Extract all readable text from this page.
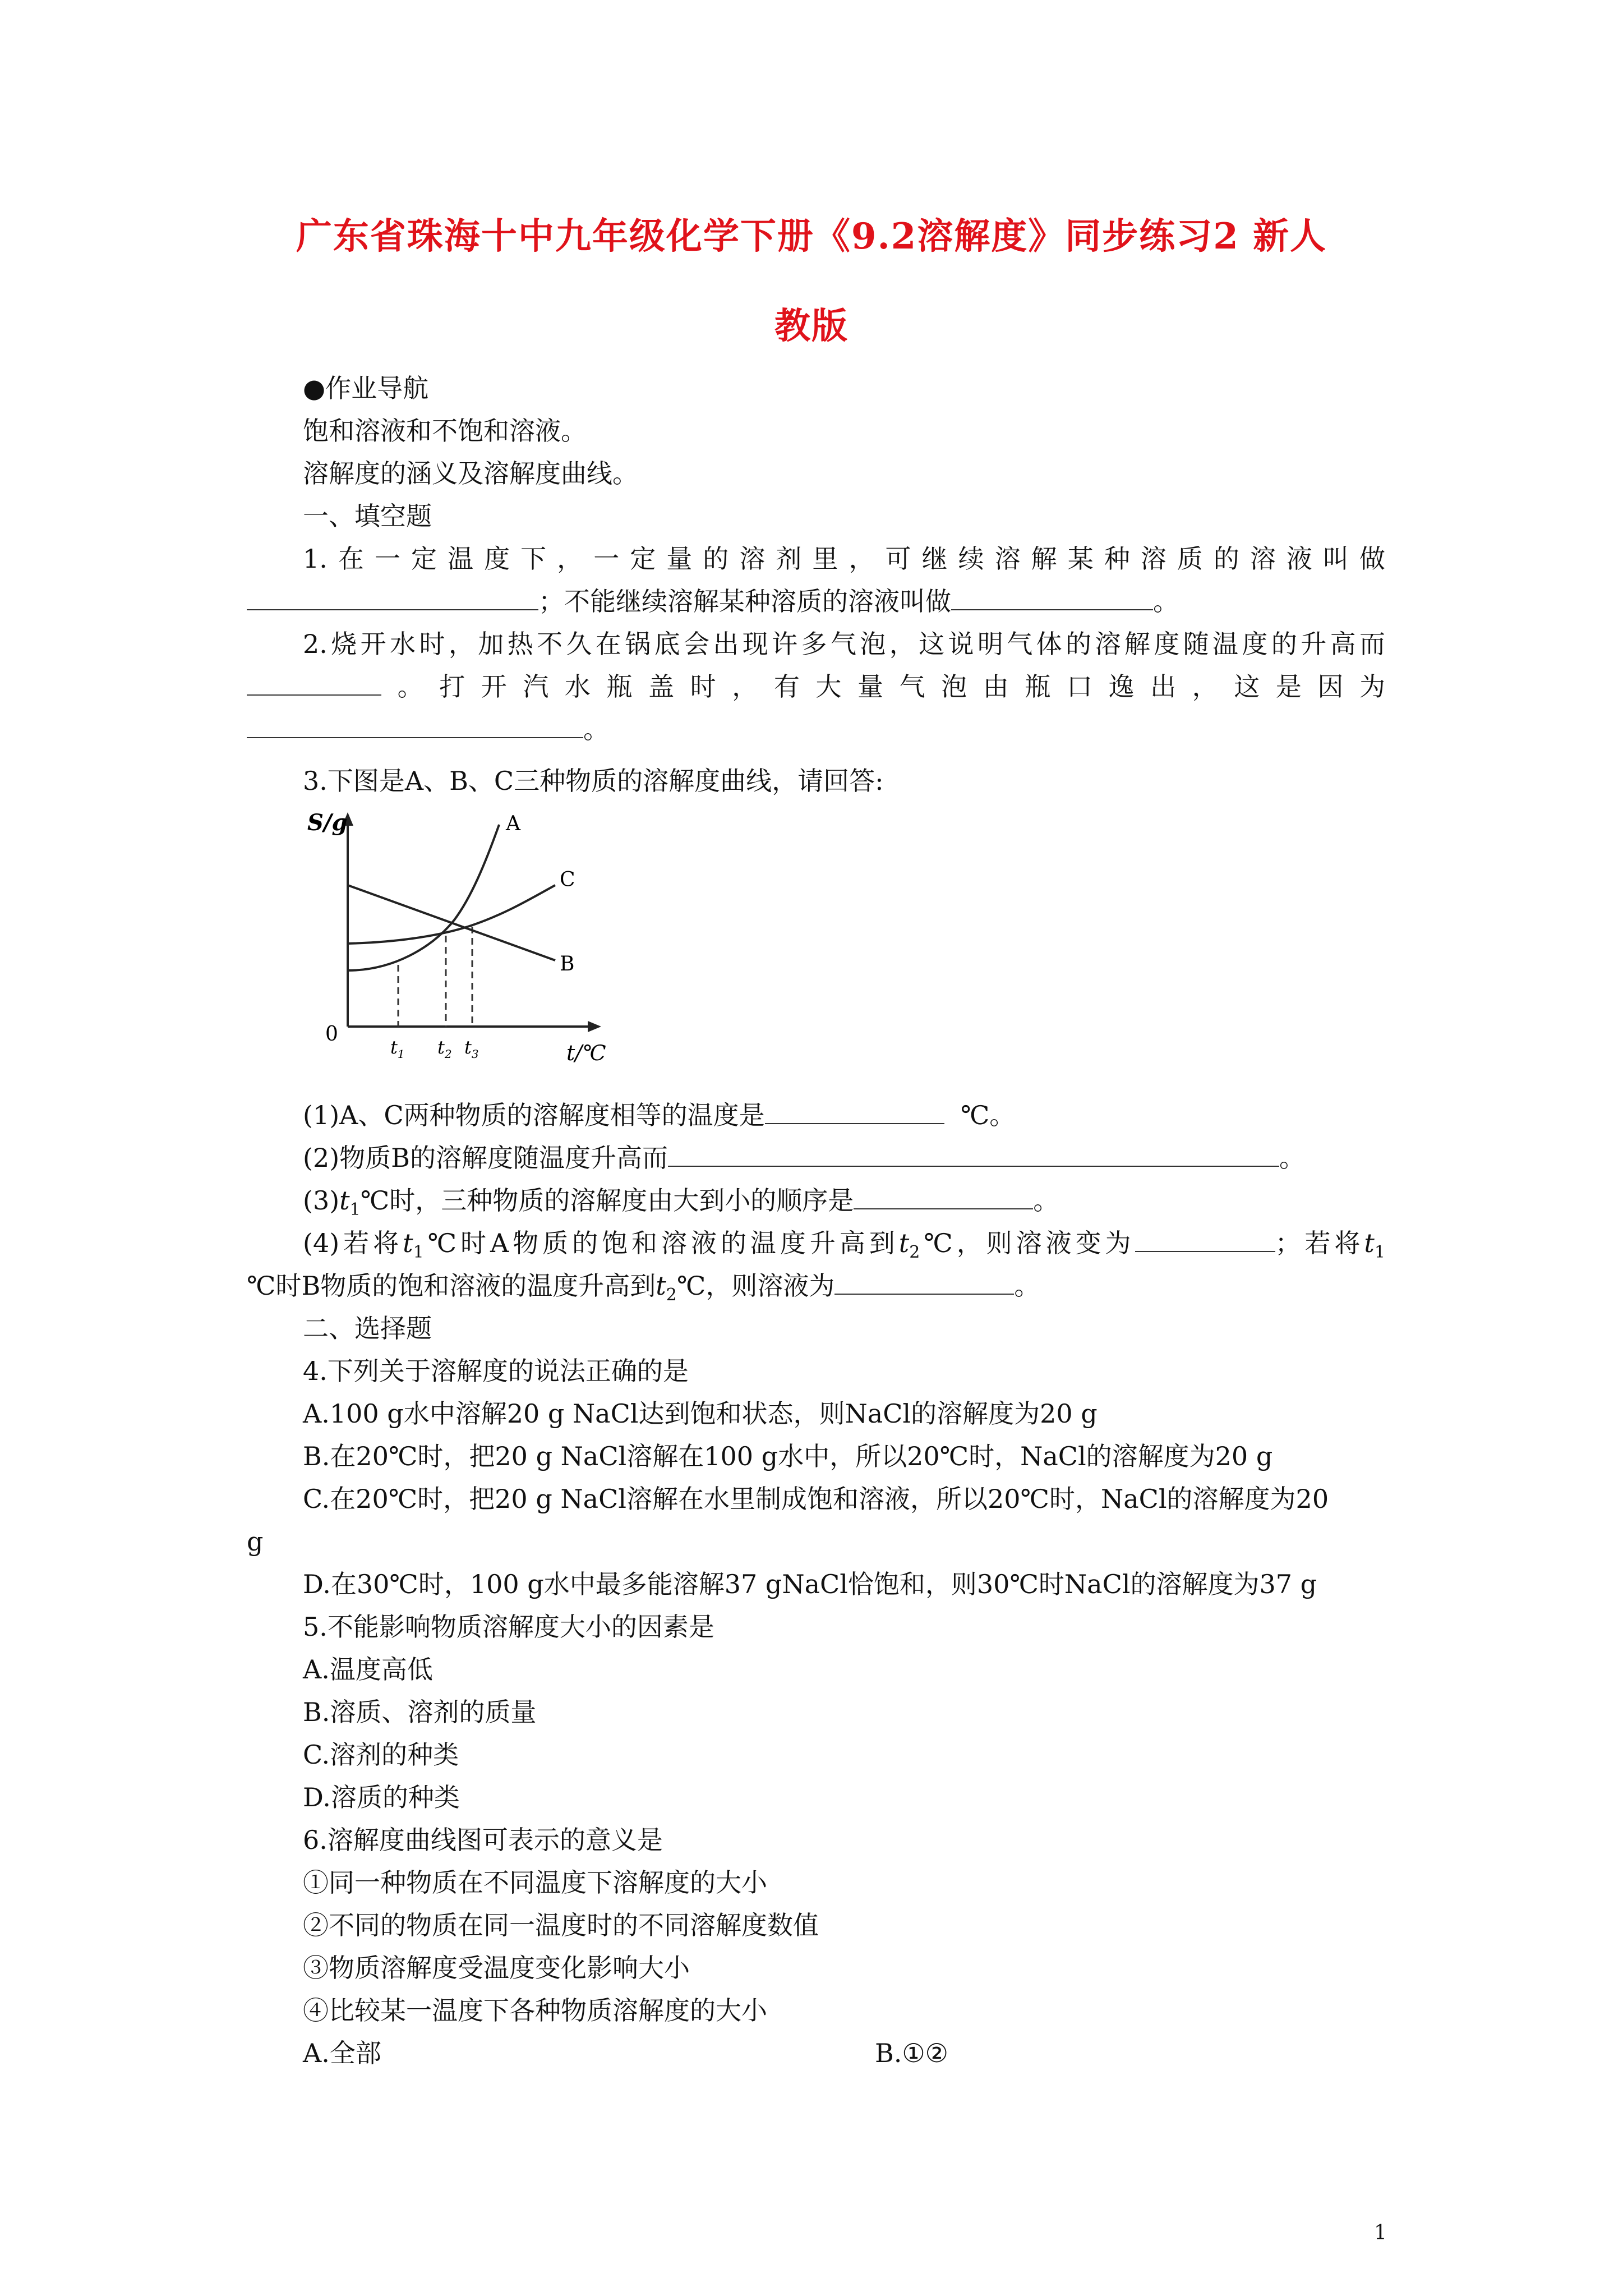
广东省珠海十中九年级化学下册《9.2溶解度》同步练习2 新人
教版
●作业导航
饱和溶液和不饱和溶液。
溶解度的涵义及溶解度曲线。
一、填空题
1.在一定温度下，一定量的溶剂里，可继续溶解某种溶质的溶液叫做
；不能继续溶解某种溶质的溶液叫做	。
2.烧开水时，加热不久在锅底会出现许多气泡，这说明气体的溶解度随温度的升高而
。打开汽水瓶盖时，有大量气泡由瓶口逸出，这是因为
。
3.下图是A、B、C三种物质的溶解度曲线，请回答:
S/g
t/℃
0
A
C
B
$t_1$ $t_2$ $t_3$
(1)A、C两种物质的溶解度相等的温度是	℃。
(2)物质B的溶解度随温度升高而	。
$(3)t_1℃$时，三种物质的溶解度由大到小的顺序是	。
(4)若将$t_1℃$时A物质的饱和溶液的温度升高到$t_2℃$，则溶液变为	；若将$t_1$
℃时B物质的饱和溶液的温度升高到$t_2℃$，则溶液为	。
二、选择题
4.下列关于溶解度的说法正确的是
A.100 g水中溶解20 g NaCl达到饱和状态，则NaCl的溶解度为20 g
B.在20℃时，把20 g NaCl溶解在100 g水中，所以20℃时，NaCl的溶解度为20 g
C.在20℃时，把20 g NaCl溶解在水里制成饱和溶液，所以20℃时，NaCl的溶解度为20
g
D.在30℃时，100 g水中最多能溶解37 gNaCl恰饱和，则30℃时NaCl的溶解度为37 g
5.不能影响物质溶解度大小的因素是
A.温度高低
B.溶质、溶剂的质量
C.溶剂的种类
D.溶质的种类
6.溶解度曲线图可表示的意义是
①同一种物质在不同温度下溶解度的大小
②不同的物质在同一温度时的不同溶解度数值
③物质溶解度受温度变化影响大小
④比较某一温度下各种物质溶解度的大小
A.全部	B.①②
1
